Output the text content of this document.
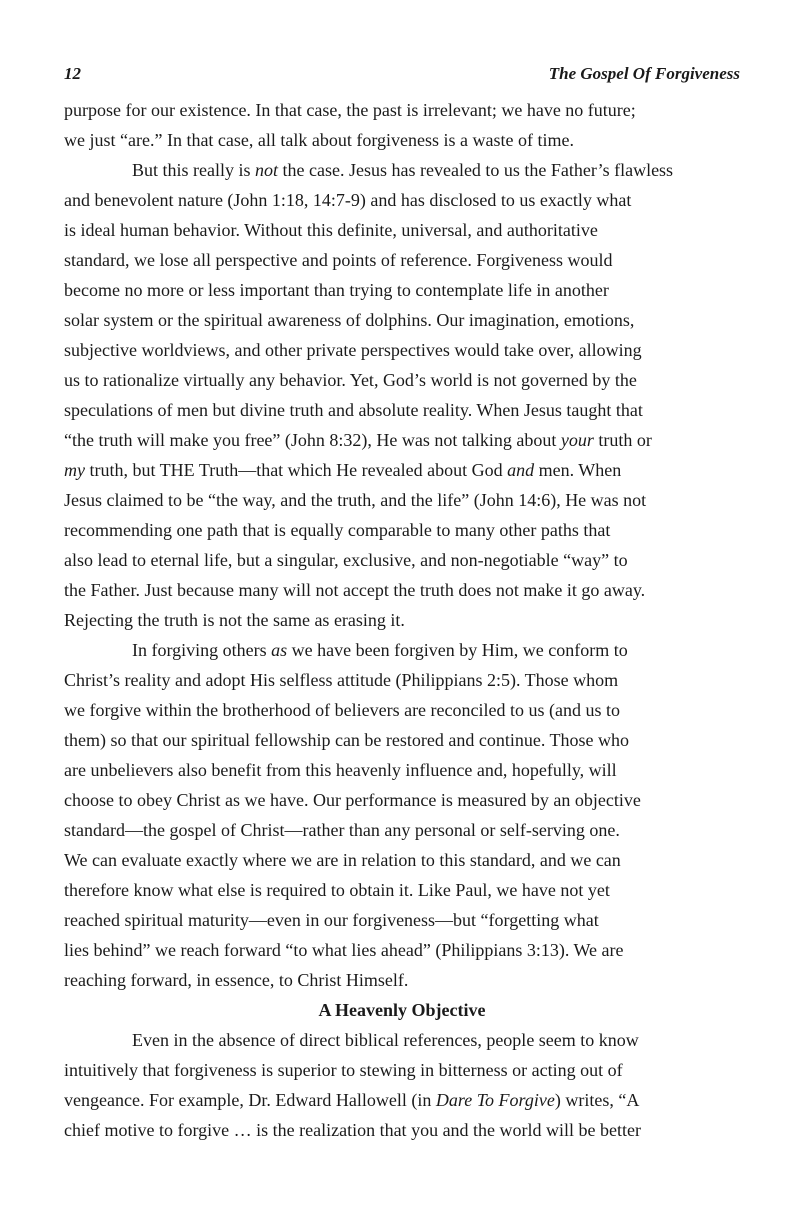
12	The Gospel Of Forgiveness
purpose for our existence. In that case, the past is irrelevant; we have no future;
we just “are.” In that case, all talk about forgiveness is a waste of time.
But this really is not the case. Jesus has revealed to us the Father’s flawless
and benevolent nature (John 1:18, 14:7-9) and has disclosed to us exactly what
is ideal human behavior. Without this definite, universal, and authoritative
standard, we lose all perspective and points of reference. Forgiveness would
become no more or less important than trying to contemplate life in another
solar system or the spiritual awareness of dolphins. Our imagination, emotions,
subjective worldviews, and other private perspectives would take over, allowing
us to rationalize virtually any behavior. Yet, God’s world is not governed by the
speculations of men but divine truth and absolute reality. When Jesus taught that
“the truth will make you free” (John 8:32), He was not talking about your truth or
my truth, but THE Truth—that which He revealed about God and men. When
Jesus claimed to be “the way, and the truth, and the life” (John 14:6), He was not
recommending one path that is equally comparable to many other paths that
also lead to eternal life, but a singular, exclusive, and non-negotiable “way” to
the Father. Just because many will not accept the truth does not make it go away.
Rejecting the truth is not the same as erasing it.
In forgiving others as we have been forgiven by Him, we conform to
Christ’s reality and adopt His selfless attitude (Philippians 2:5). Those whom
we forgive within the brotherhood of believers are reconciled to us (and us to
them) so that our spiritual fellowship can be restored and continue. Those who
are unbelievers also benefit from this heavenly influence and, hopefully, will
choose to obey Christ as we have. Our performance is measured by an objective
standard—the gospel of Christ—rather than any personal or self-serving one.
We can evaluate exactly where we are in relation to this standard, and we can
therefore know what else is required to obtain it. Like Paul, we have not yet
reached spiritual maturity—even in our forgiveness—but “forgetting what
lies behind” we reach forward “to what lies ahead” (Philippians 3:13). We are
reaching forward, in essence, to Christ Himself.
A Heavenly Objective
Even in the absence of direct biblical references, people seem to know
intuitively that forgiveness is superior to stewing in bitterness or acting out of
vengeance. For example, Dr. Edward Hallowell (in Dare To Forgive) writes, “A
chief motive to forgive … is the realization that you and the world will be better
